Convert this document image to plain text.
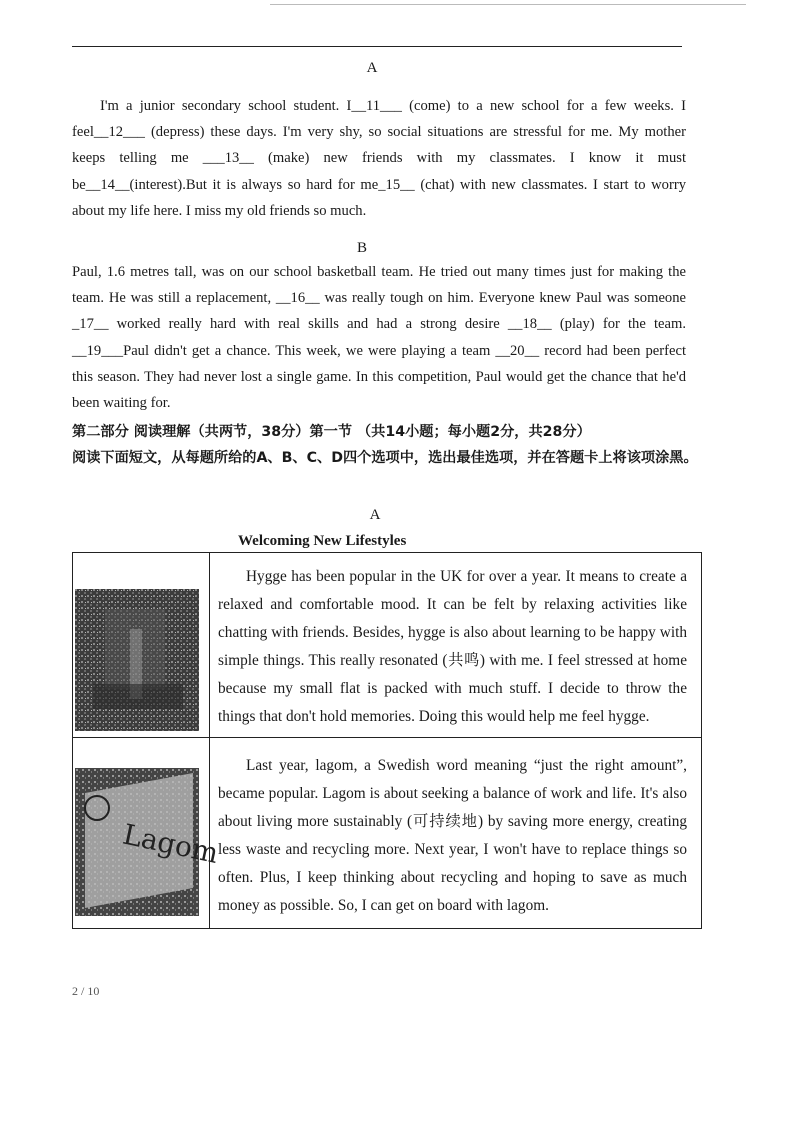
A
I'm a junior secondary school student. I__11___ (come) to a new school for a few weeks. I feel__12___ (depress) these days. I'm very shy, so social situations are stressful for me. My mother keeps telling me ___13__ (make) new friends with my classmates. I know it must be__14__(interest).But it is always so hard for me_15__ (chat) with new classmates. I start to worry about my life here. I miss my old friends so much.
B
Paul, 1.6 metres tall, was on our school basketball team. He tried out many times just for making the team. He was still a replacement, __16__ was really tough on him. Everyone knew Paul was someone _17__ worked really hard with real skills and had a strong desire __18__ (play) for the team. __19___Paul didn't get a chance. This week, we were playing a team __20__ record had been perfect this season. They had never lost a single game. In this competition, Paul would get the chance that he'd been waiting for.
第二部分 阅读理解（共两节，38分）第一节 （共14小题；每小题2分，共28分）
阅读下面短文，从每题所给的A、B、C、D四个选项中，选出最佳选项，并在答题卡上将该项涂黑。
A
Welcoming New Lifestyles
	Hygge has been popular in the UK for over a year. It means to create a relaxed and comfortable mood. It can be felt by relaxing activities like chatting with friends. Besides, hygge is also about learning to be happy with simple things. This really resonated (共鸣) with me. I feel stressed at home because my small flat is packed with much stuff. I decide to throw the things that don't hold memories. Doing this would help me feel hygge.

Lagom	Last year, lagom, a Swedish word meaning “just the right amount”, became popular. Lagom is about seeking a balance of work and life. It's also about living more sustainably (可持续地) by saving more energy, creating less waste and recycling more. Next year, I won't have to replace things so often. Plus, I keep thinking about recycling and hoping to save as much money as possible. So, I can get on board with lagom.
2 / 10
